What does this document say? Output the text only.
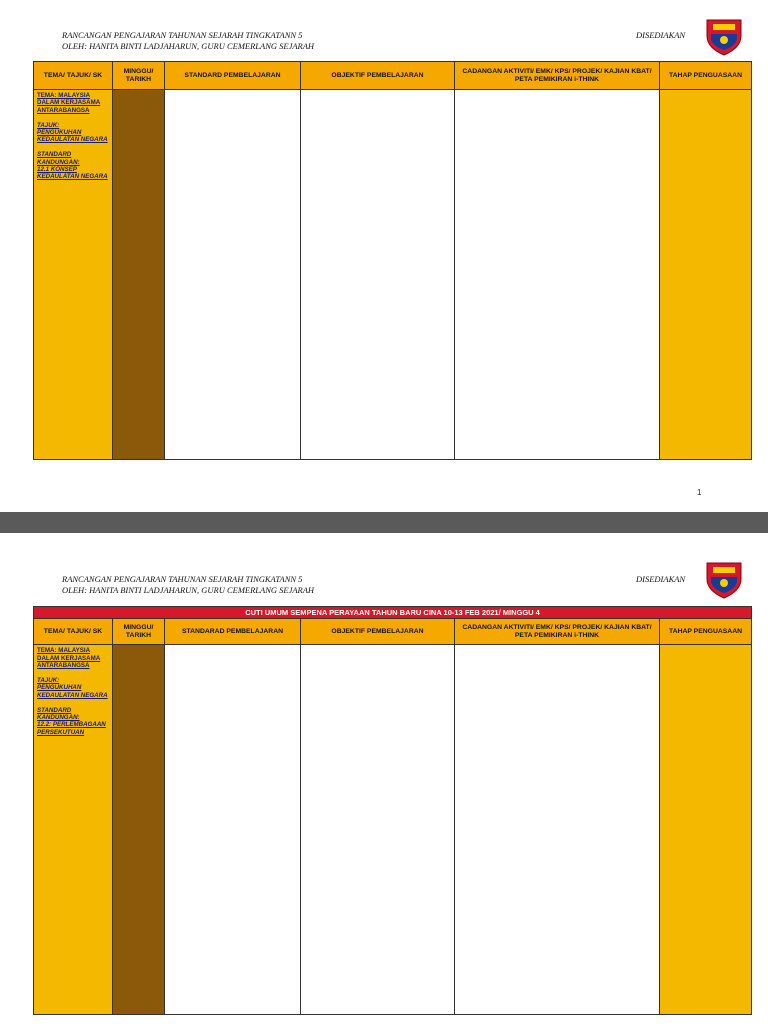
RANCANGAN PENGAJARAN TAHUNAN SEJARAH TINGKATANN 5
OLEH: HANITA BINTI LADJAHARUN, GURU CEMERLANG SEJARAH
DISEDIAKAN
TEMA/ TAJUK/ SK	MINGGU/ TARIKH	STANDARD PEMBELAJARAN	OBJEKTIF PEMBELAJARAN	CADANGAN AKTIVITI/ EMK/ KPS/ PROJEK/ KAJIAN KBAT/ PETA PEMIKIRAN i-THINK	TAHAP PENGUASAAN

TEMA: MALAYSIA DALAM KERJASAMA ANTARABANGSA

TAJUK:
PENGUKUHAN KEDAULATAN NEGARA

STANDARD KANDUNGAN:
12.1 KONSEP KEDAULATAN NEGARA					

1
RANCANGAN PENGAJARAN TAHUNAN SEJARAH TINGKATANN 5
OLEH: HANITA BINTI LADJAHARUN, GURU CEMERLANG SEJARAH
DISEDIAKAN
CUTI UMUM SEMPENA PERAYAAN TAHUN BARU CINA 10-13 FEB 2021/ MINGGU 4					
TEMA/ TAJUK/ SK	MINGGU/ TARIKH	STANDARAD PEMBELAJARAN	OBJEKTIF PEMBELAJARAN	CADANGAN AKTIVITI/ EMK/ KPS/ PROJEK/ KAJIAN KBAT/ PETA PEMIKIRAN i-THINK	TAHAP PENGUASAAN

TEMA: MALAYSIA DALAM KERJASAMA ANTARABANGSA

TAJUK:
PENGUKUHAN KEDAULATAN NEGARA

STANDARD KANDUNGAN:
12.2: PERLEMBAGAAN PERSEKUTUAN					
